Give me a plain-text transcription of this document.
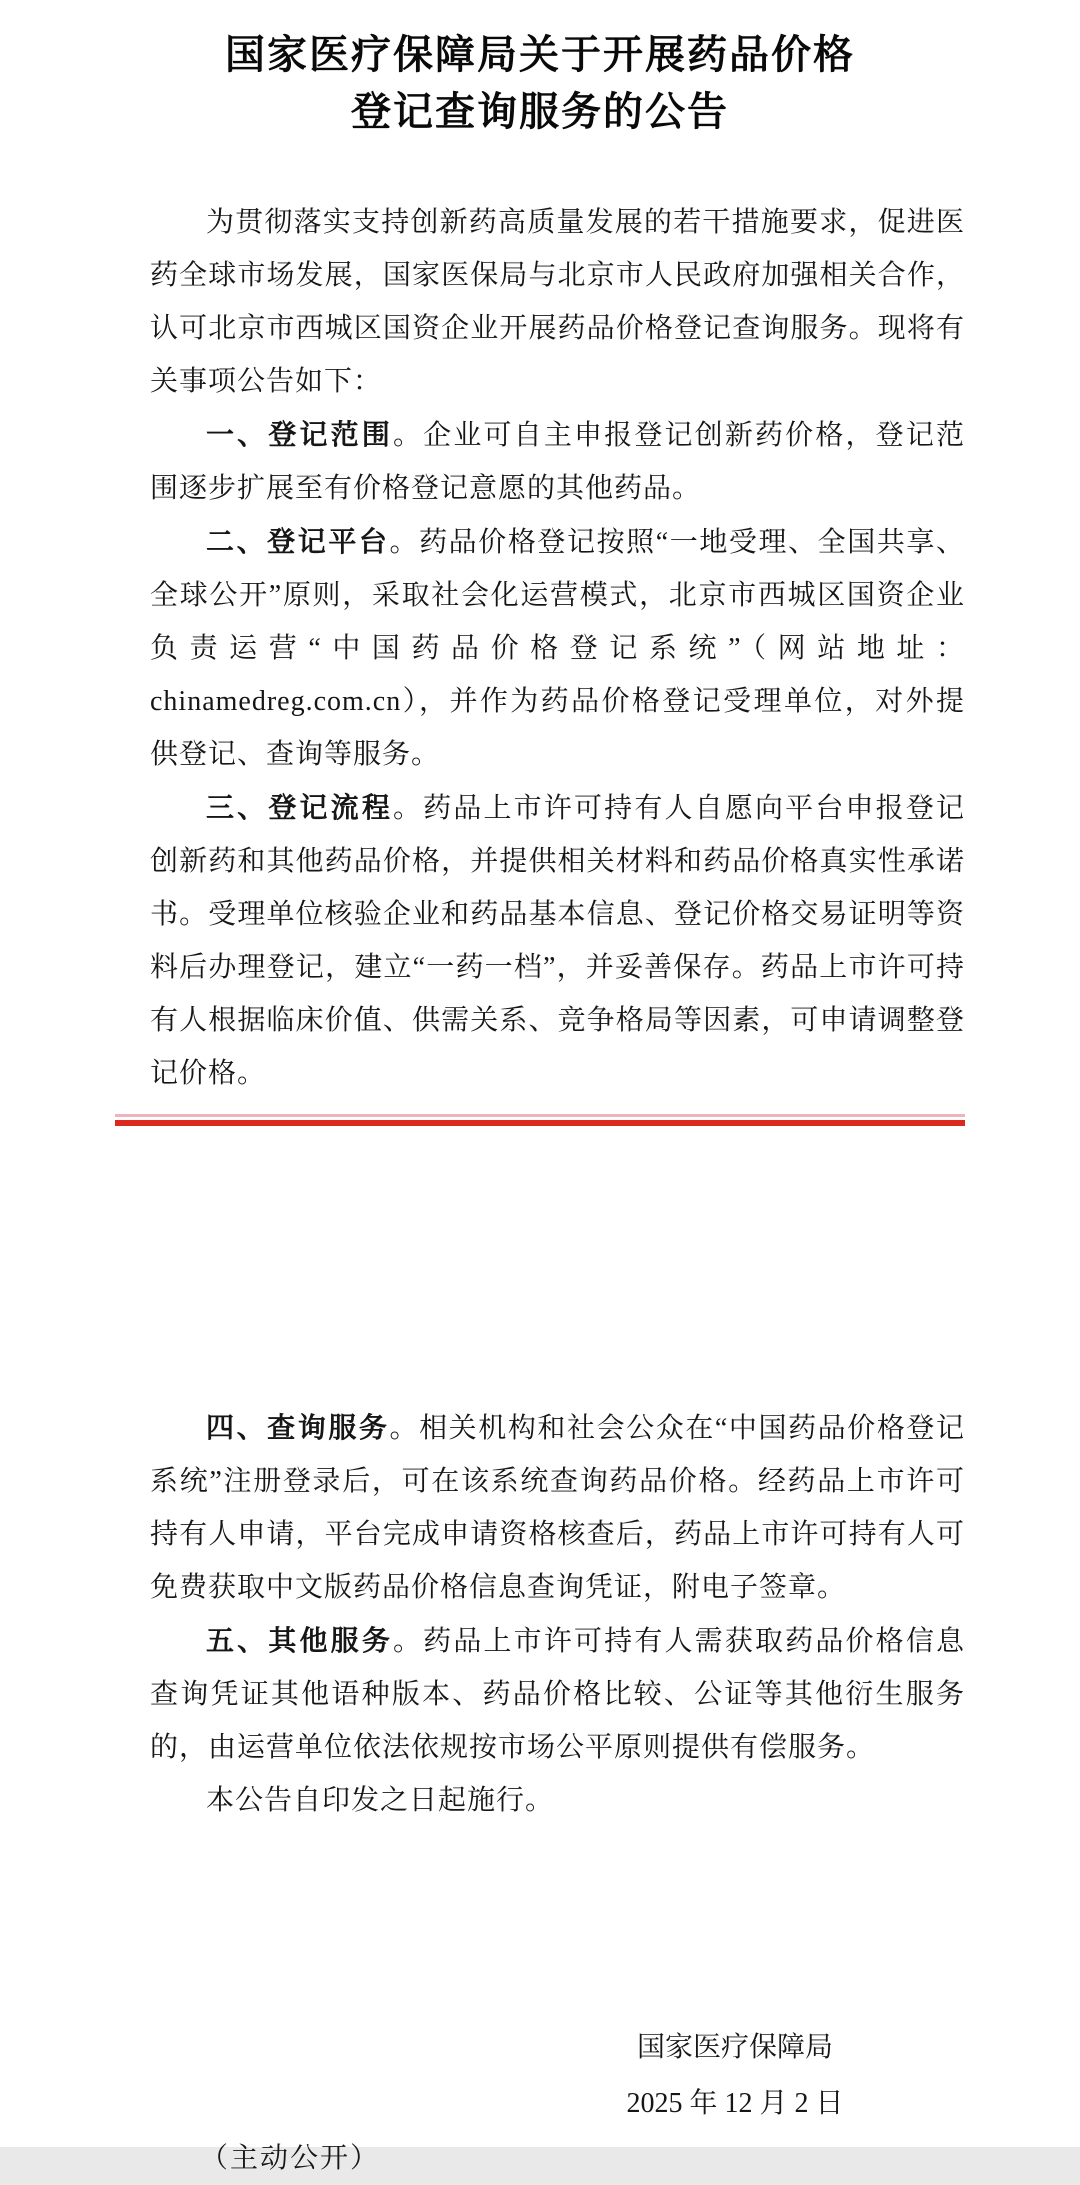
国家医疗保障局关于开展药品价格
登记查询服务的公告

为贯彻落实支持创新药高质量发展的若干措施要求，促进医药全球市场发展，国家医保局与北京市人民政府加强相关合作，认可北京市西城区国资企业开展药品价格登记查询服务。现将有关事项公告如下：

一、登记范围。企业可自主申报登记创新药价格，登记范围逐步扩展至有价格登记意愿的其他药品。

二、登记平台。药品价格登记按照“一地受理、全国共享、全球公开”原则，采取社会化运营模式，北京市西城区国资企业负责运营“中国药品价格登记系统”（网站地址：chinamedreg.com.cn），并作为药品价格登记受理单位，对外提供登记、查询等服务。

三、登记流程。药品上市许可持有人自愿向平台申报登记创新药和其他药品价格，并提供相关材料和药品价格真实性承诺书。受理单位核验企业和药品基本信息、登记价格交易证明等资料后办理登记，建立“一药一档”，并妥善保存。药品上市许可持有人根据临床价值、供需关系、竞争格局等因素，可申请调整登记价格。

四、查询服务。相关机构和社会公众在“中国药品价格登记系统”注册登录后，可在该系统查询药品价格。经药品上市许可持有人申请，平台完成申请资格核查后，药品上市许可持有人可免费获取中文版药品价格信息查询凭证，附电子签章。

五、其他服务。药品上市许可持有人需获取药品价格信息查询凭证其他语种版本、药品价格比较、公证等其他衍生服务的，由运营单位依法依规按市场公平原则提供有偿服务。

本公告自印发之日起施行。

国家医疗保障局
2025 年 12 月 2 日
（主动公开）
